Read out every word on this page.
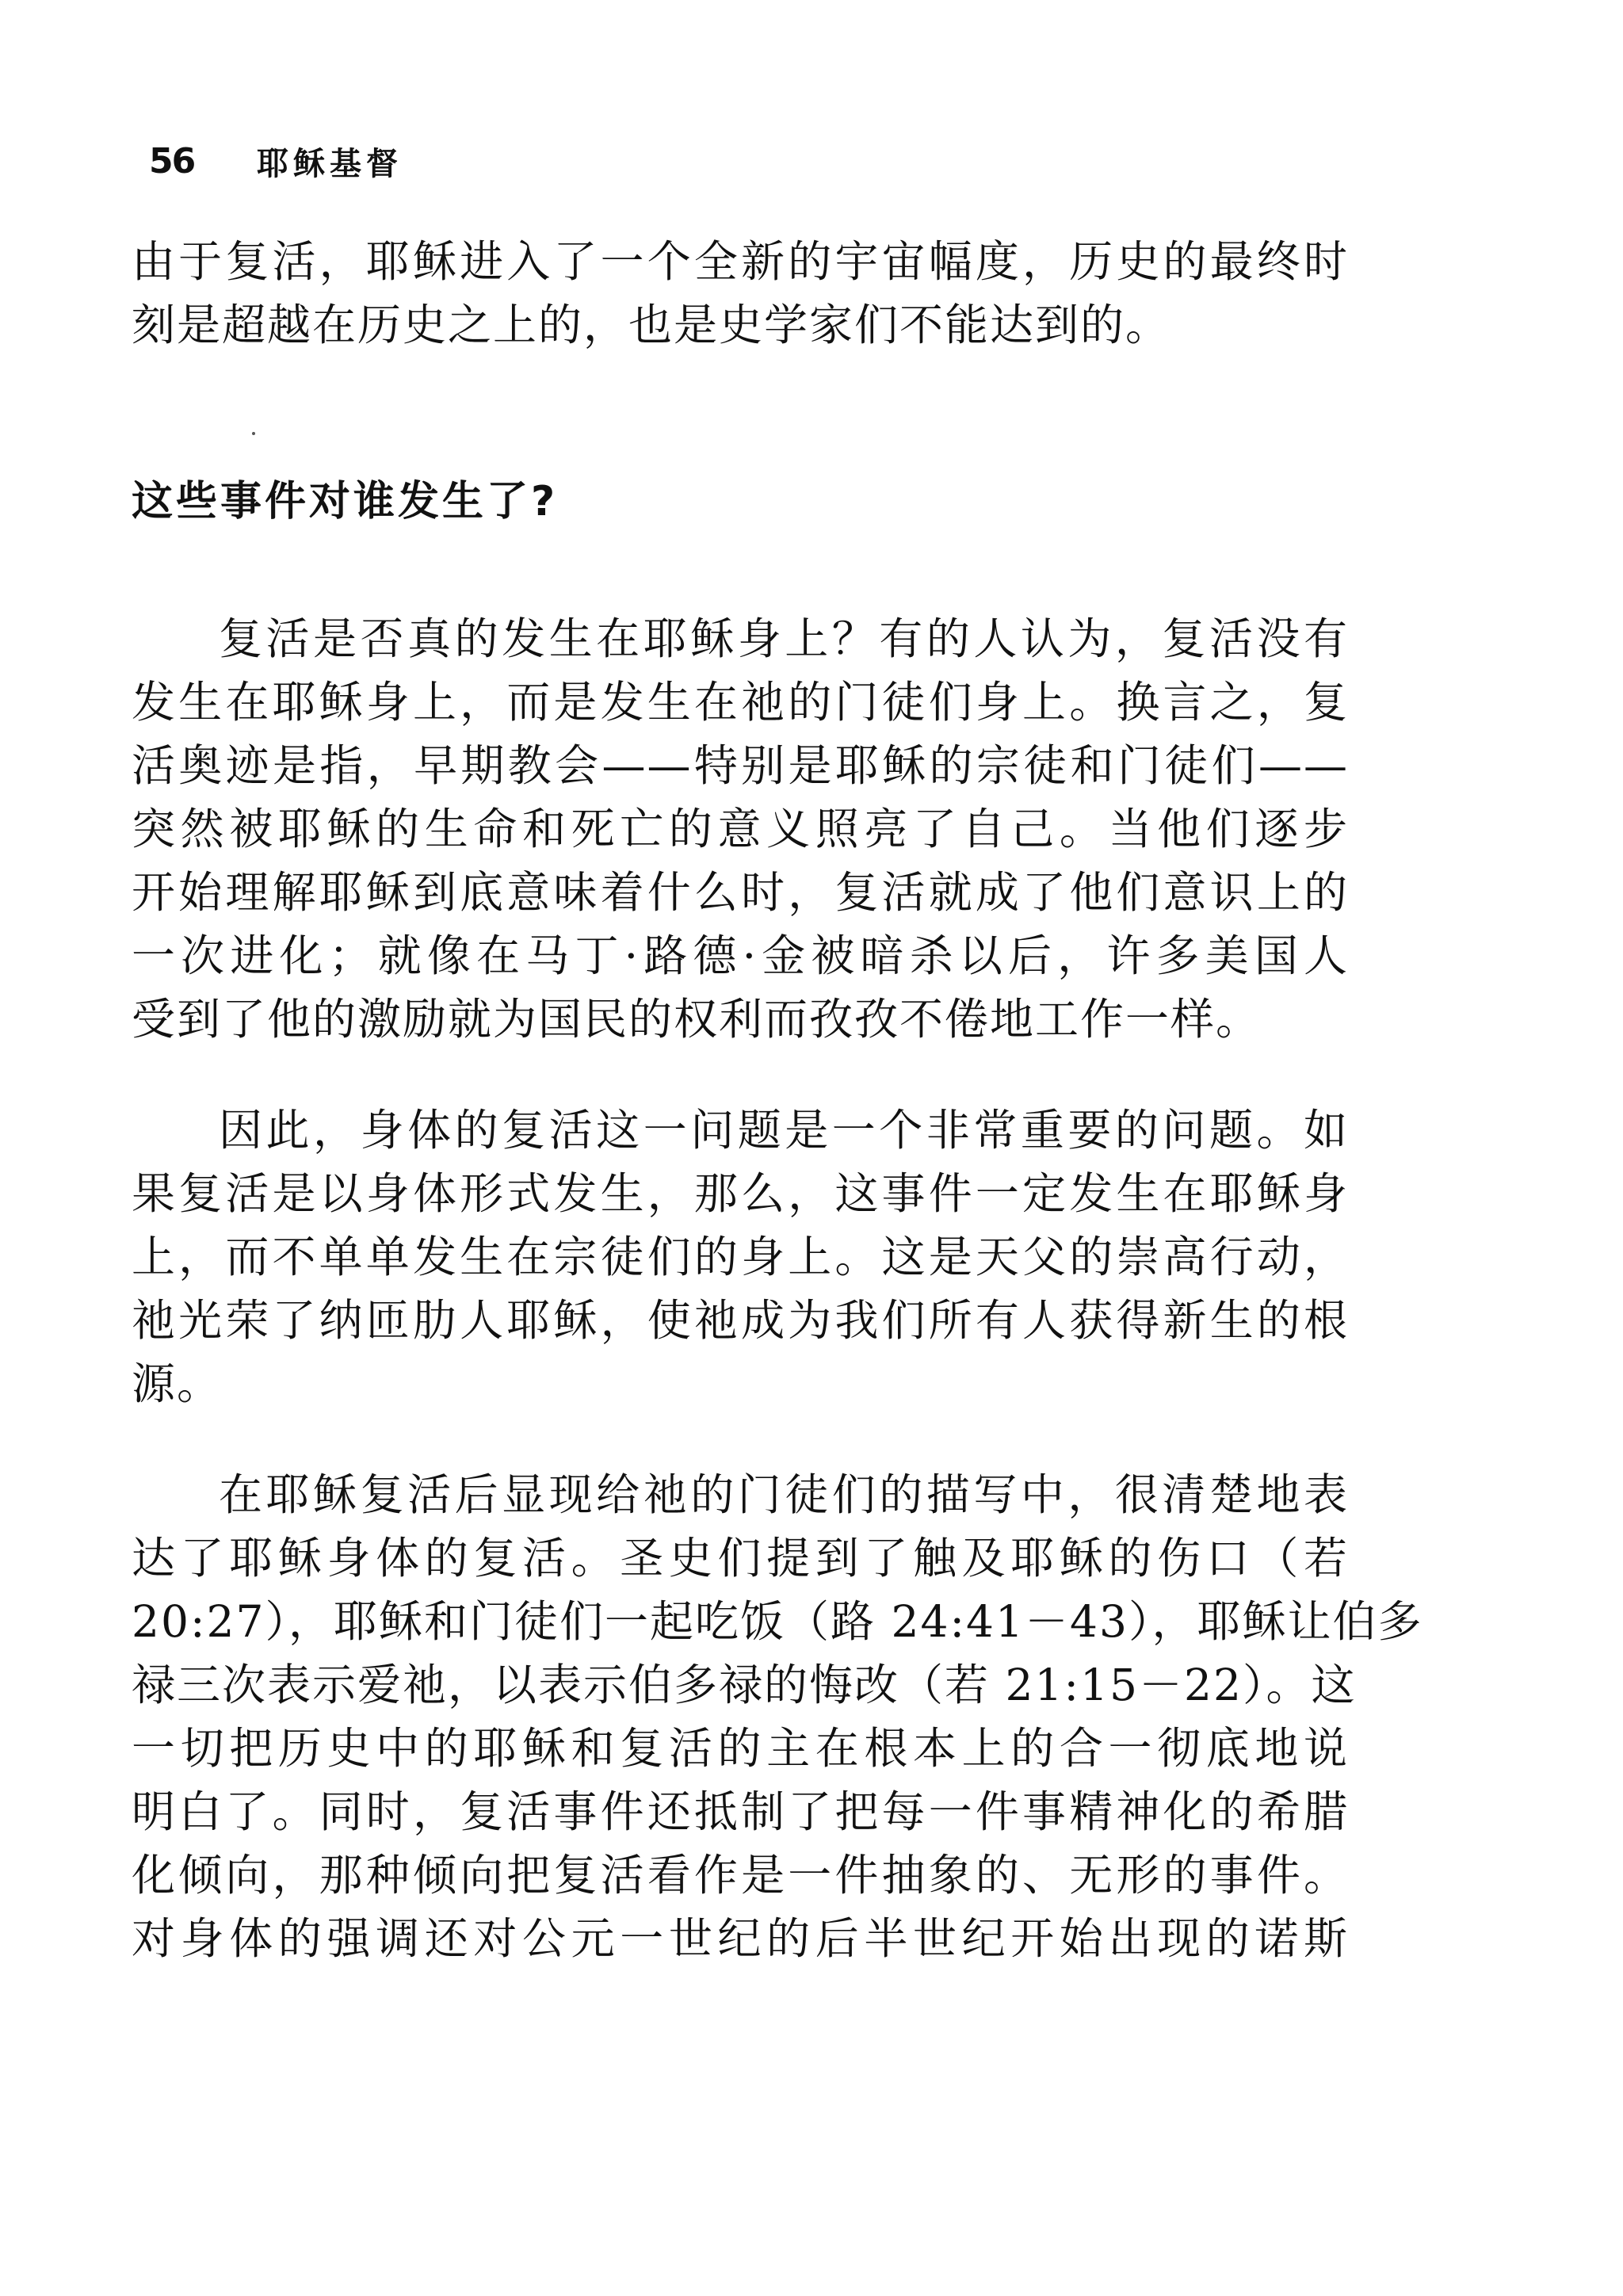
56	耶稣基督
由于复活，耶稣进入了一个全新的宇宙幅度，历史的最终时
刻是超越在历史之上的，也是史学家们不能达到的。
这些事件对谁发生了?
复活是否真的发生在耶稣身上？有的人认为，复活没有
发生在耶稣身上，而是发生在祂的门徒们身上。换言之，复
活奥迹是指，早期教会——特别是耶稣的宗徒和门徒们——
突然被耶稣的生命和死亡的意义照亮了自己。当他们逐步
开始理解耶稣到底意味着什么时，复活就成了他们意识上的
一次进化；就像在马丁·路德·金被暗杀以后，许多美国人
受到了他的激励就为国民的权利而孜孜不倦地工作一样。
因此，身体的复活这一问题是一个非常重要的问题。如
果复活是以身体形式发生，那么，这事件一定发生在耶稣身
上，而不单单发生在宗徒们的身上。这是天父的崇高行动，
祂光荣了纳匝肋人耶稣，使祂成为我们所有人获得新生的根
源。
在耶稣复活后显现给祂的门徒们的描写中，很清楚地表
达了耶稣身体的复活。圣史们提到了触及耶稣的伤口（若
20:27），耶稣和门徒们一起吃饭（路 24:41－43），耶稣让伯多
禄三次表示爱祂，以表示伯多禄的悔改（若 21:15－22）。这
一切把历史中的耶稣和复活的主在根本上的合一彻底地说
明白了。同时，复活事件还抵制了把每一件事精神化的希腊
化倾向，那种倾向把复活看作是一件抽象的、无形的事件。
对身体的强调还对公元一世纪的后半世纪开始出现的诺斯
